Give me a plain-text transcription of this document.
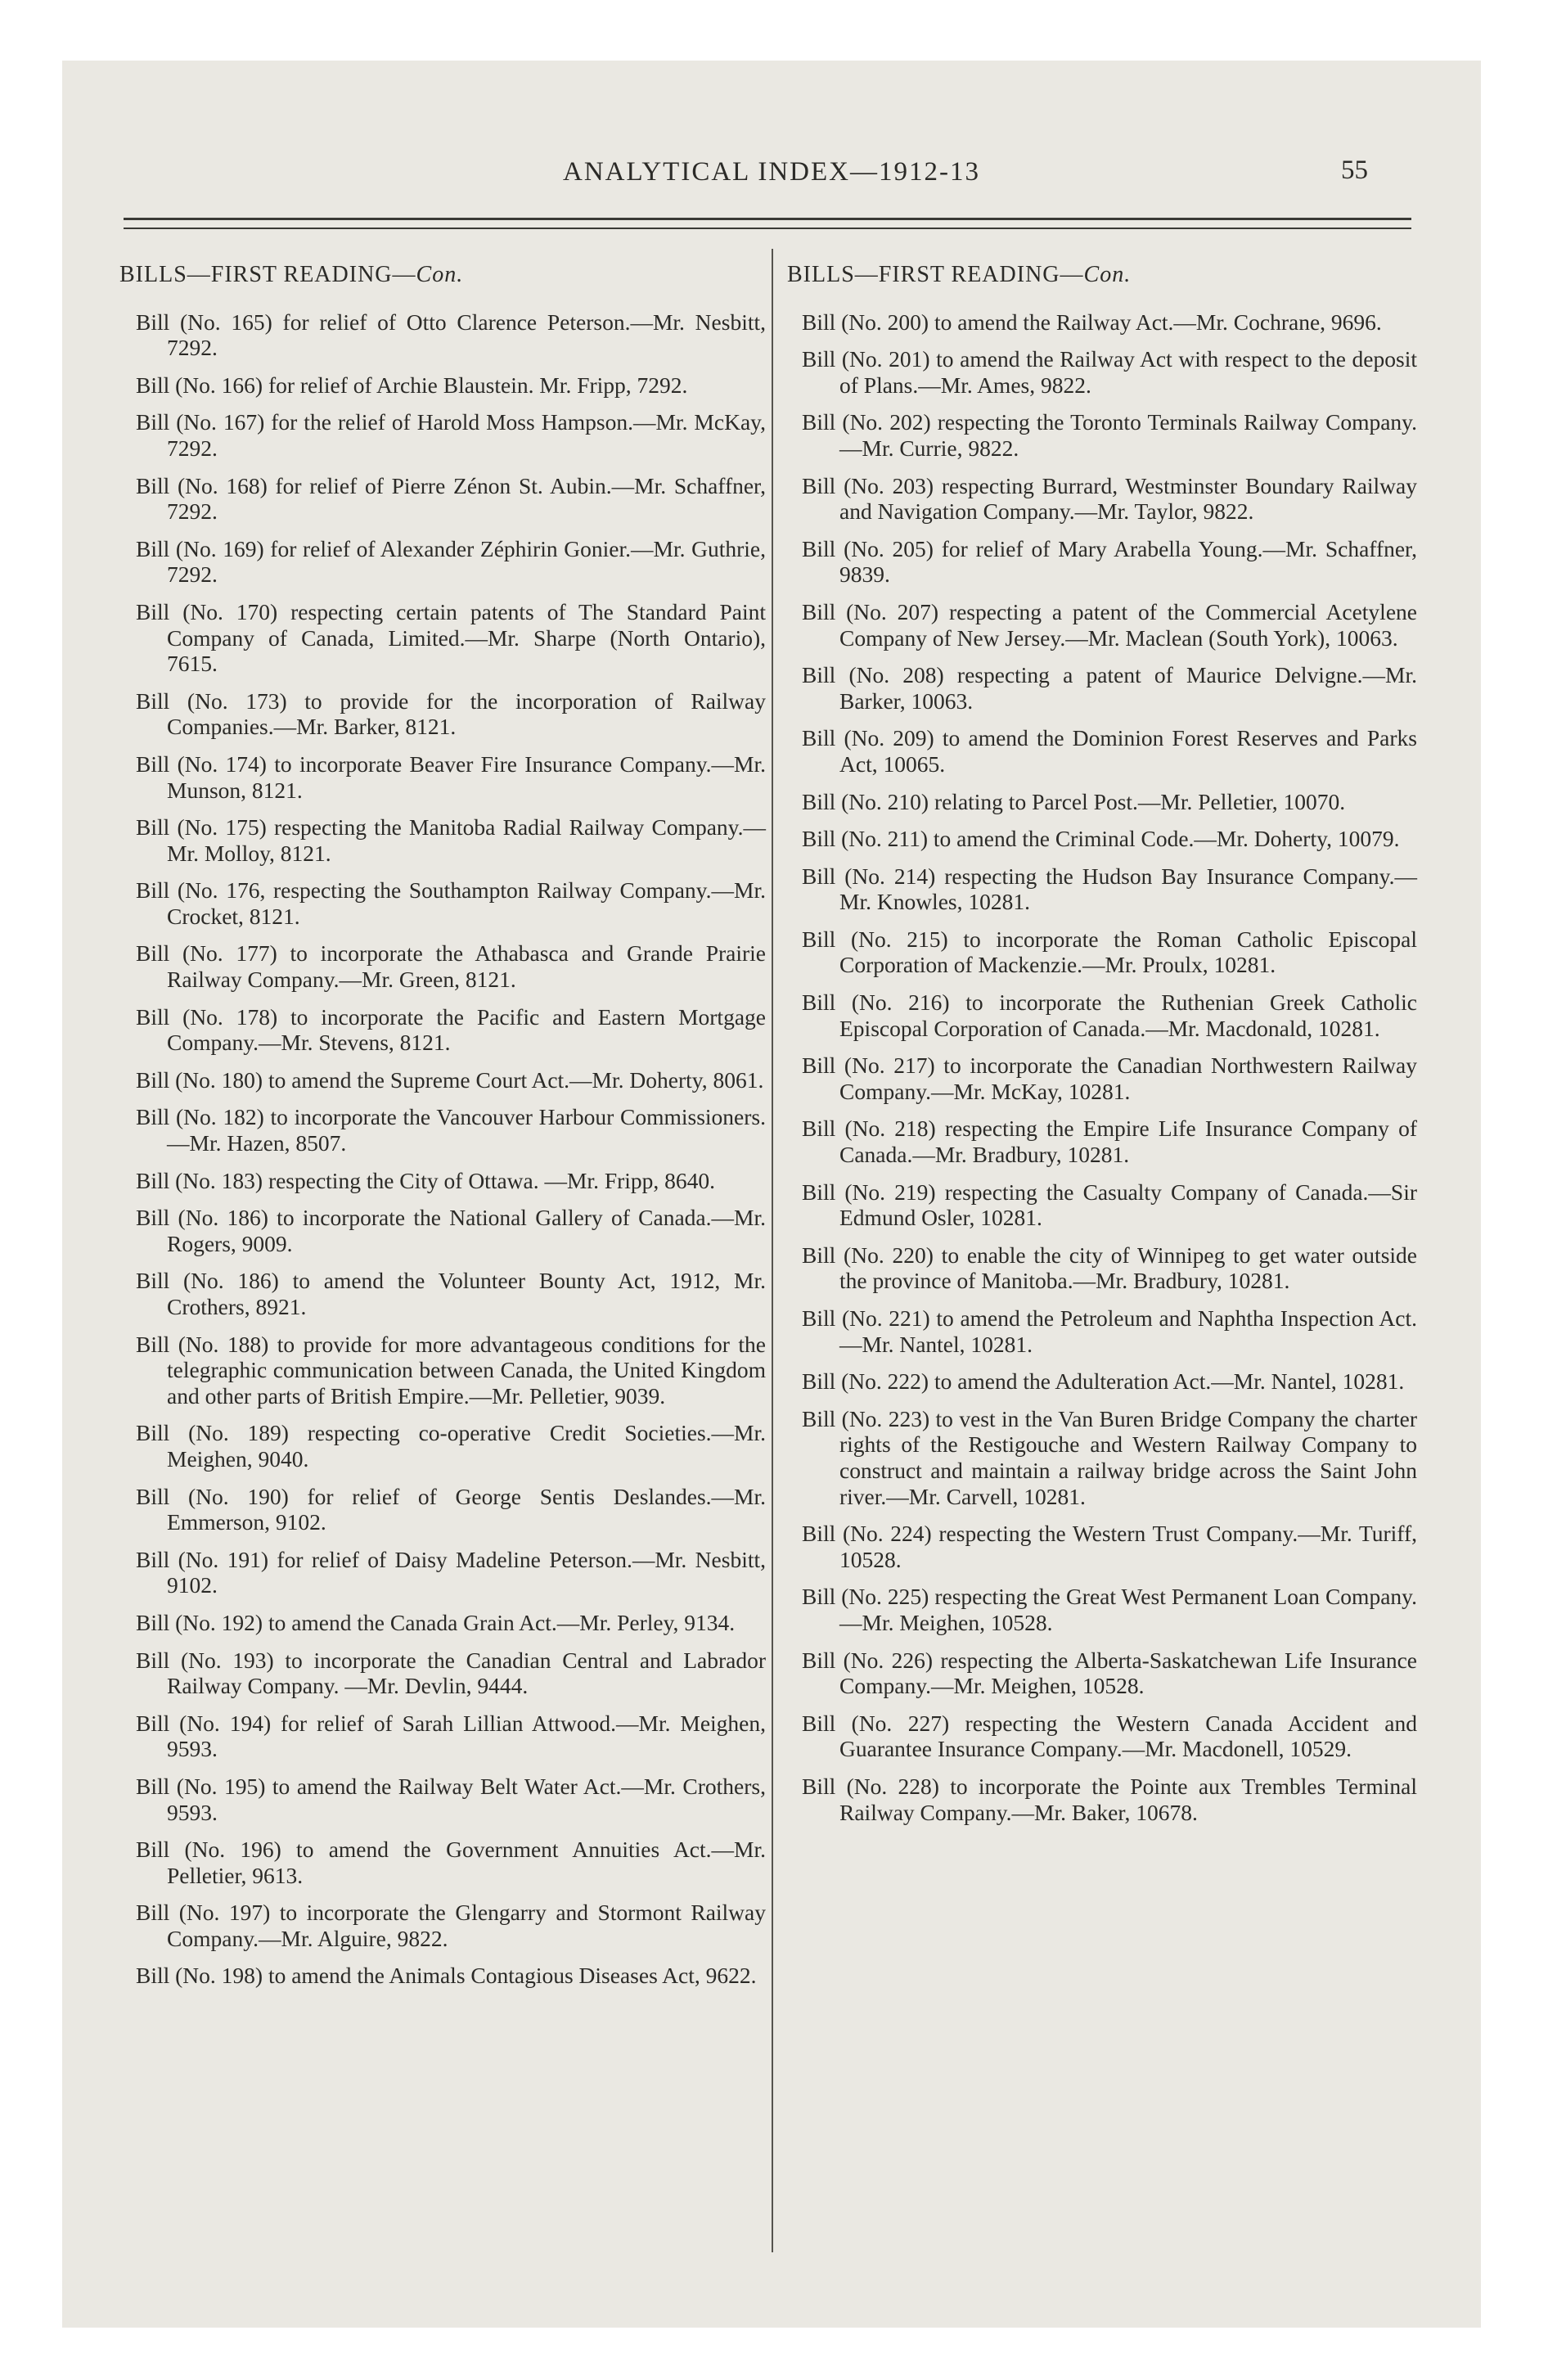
ANALYTICAL INDEX—1912-13	55
BILLS—FIRST READING—Con.

Bill (No. 165) for relief of Otto Clarence Peterson.—Mr. Nesbitt, 7292.

Bill (No. 166) for relief of Archie Blaustein. Mr. Fripp, 7292.

Bill (No. 167) for the relief of Harold Moss Hampson.—Mr. McKay, 7292.

Bill (No. 168) for relief of Pierre Zénon St. Aubin.—Mr. Schaffner, 7292.

Bill (No. 169) for relief of Alexander Zéphirin Gonier.—Mr. Guthrie, 7292.

Bill (No. 170) respecting certain patents of The Standard Paint Company of Canada, Limited.—Mr. Sharpe (North Ontario), 7615.

Bill (No. 173) to provide for the incorporation of Railway Companies.—Mr. Barker, 8121.

Bill (No. 174) to incorporate Beaver Fire Insurance Company.—Mr. Munson, 8121.

Bill (No. 175) respecting the Manitoba Radial Railway Company.—Mr. Molloy, 8121.

Bill (No. 176, respecting the Southampton Railway Company.—Mr. Crocket, 8121.

Bill (No. 177) to incorporate the Athabasca and Grande Prairie Railway Company.—Mr. Green, 8121.

Bill (No. 178) to incorporate the Pacific and Eastern Mortgage Company.—Mr. Stevens, 8121.

Bill (No. 180) to amend the Supreme Court Act.—Mr. Doherty, 8061.

Bill (No. 182) to incorporate the Vancouver Harbour Commissioners.—Mr. Hazen, 8507.

Bill (No. 183) respecting the City of Ottawa. —Mr. Fripp, 8640.

Bill (No. 186) to incorporate the National Gallery of Canada.—Mr. Rogers, 9009.

Bill (No. 186) to amend the Volunteer Bounty Act, 1912, Mr. Crothers, 8921.

Bill (No. 188) to provide for more advantageous conditions for the telegraphic communication between Canada, the United Kingdom and other parts of British Empire.—Mr. Pelletier, 9039.

Bill (No. 189) respecting co-operative Credit Societies.—Mr. Meighen, 9040.

Bill (No. 190) for relief of George Sentis Deslandes.—Mr. Emmerson, 9102.

Bill (No. 191) for relief of Daisy Madeline Peterson.—Mr. Nesbitt, 9102.

Bill (No. 192) to amend the Canada Grain Act.—Mr. Perley, 9134.

Bill (No. 193) to incorporate the Canadian Central and Labrador Railway Company. —Mr. Devlin, 9444.

Bill (No. 194) for relief of Sarah Lillian Attwood.—Mr. Meighen, 9593.

Bill (No. 195) to amend the Railway Belt Water Act.—Mr. Crothers, 9593.

Bill (No. 196) to amend the Government Annuities Act.—Mr. Pelletier, 9613.

Bill (No. 197) to incorporate the Glengarry and Stormont Railway Company.—Mr. Alguire, 9822.

Bill (No. 198) to amend the Animals Contagious Diseases Act, 9622.

BILLS—FIRST READING—Con.

Bill (No. 200) to amend the Railway Act.—Mr. Cochrane, 9696.

Bill (No. 201) to amend the Railway Act with respect to the deposit of Plans.—Mr. Ames, 9822.

Bill (No. 202) respecting the Toronto Terminals Railway Company.—Mr. Currie, 9822.

Bill (No. 203) respecting Burrard, Westminster Boundary Railway and Navigation Company.—Mr. Taylor, 9822.

Bill (No. 205) for relief of Mary Arabella Young.—Mr. Schaffner, 9839.

Bill (No. 207) respecting a patent of the Commercial Acetylene Company of New Jersey.—Mr. Maclean (South York), 10063.

Bill (No. 208) respecting a patent of Maurice Delvigne.—Mr. Barker, 10063.

Bill (No. 209) to amend the Dominion Forest Reserves and Parks Act, 10065.

Bill (No. 210) relating to Parcel Post.—Mr. Pelletier, 10070.

Bill (No. 211) to amend the Criminal Code.—Mr. Doherty, 10079.

Bill (No. 214) respecting the Hudson Bay Insurance Company.—Mr. Knowles, 10281.

Bill (No. 215) to incorporate the Roman Catholic Episcopal Corporation of Mackenzie.—Mr. Proulx, 10281.

Bill (No. 216) to incorporate the Ruthenian Greek Catholic Episcopal Corporation of Canada.—Mr. Macdonald, 10281.

Bill (No. 217) to incorporate the Canadian Northwestern Railway Company.—Mr. McKay, 10281.

Bill (No. 218) respecting the Empire Life Insurance Company of Canada.—Mr. Bradbury, 10281.

Bill (No. 219) respecting the Casualty Company of Canada.—Sir Edmund Osler, 10281.

Bill (No. 220) to enable the city of Winnipeg to get water outside the province of Manitoba.—Mr. Bradbury, 10281.

Bill (No. 221) to amend the Petroleum and Naphtha Inspection Act.—Mr. Nantel, 10281.

Bill (No. 222) to amend the Adulteration Act.—Mr. Nantel, 10281.

Bill (No. 223) to vest in the Van Buren Bridge Company the charter rights of the Restigouche and Western Railway Company to construct and maintain a railway bridge across the Saint John river.—Mr. Carvell, 10281.

Bill (No. 224) respecting the Western Trust Company.—Mr. Turiff, 10528.

Bill (No. 225) respecting the Great West Permanent Loan Company.—Mr. Meighen, 10528.

Bill (No. 226) respecting the Alberta-Saskatchewan Life Insurance Company.—Mr. Meighen, 10528.

Bill (No. 227) respecting the Western Canada Accident and Guarantee Insurance Company.—Mr. Macdonell, 10529.

Bill (No. 228) to incorporate the Pointe aux Trembles Terminal Railway Company.—Mr. Baker, 10678.
